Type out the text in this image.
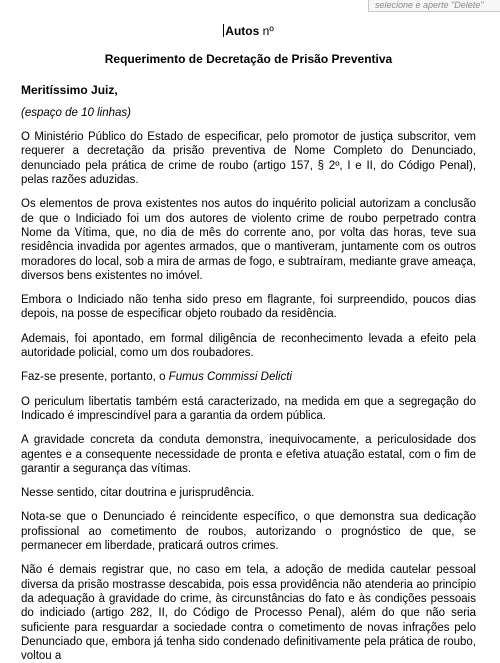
selecione e aperte "Delete"
Autos nº
Requerimento de Decretação de Prisão Preventiva
Meritíssimo Juiz,
(espaço de 10 linhas)

O Ministério Público do Estado de especificar, pelo promotor de justiça subscritor, vem requerer a decretação da prisão preventiva de Nome Completo do Denunciado, denunciado pela prática de crime de roubo (artigo 157, § 2º, I e II, do Código Penal), pelas razões aduzidas.

Os elementos de prova existentes nos autos do inquérito policial autorizam a conclusão de que o Indiciado foi um dos autores de violento crime de roubo perpetrado contra Nome da Vítima, que, no dia de mês do corrente ano, por volta das horas, teve sua residência invadida por agentes armados, que o mantiveram, juntamente com os outros moradores do local, sob a mira de armas de fogo, e subtraíram, mediante grave ameaça, diversos bens existentes no imóvel.

Embora o Indiciado não tenha sido preso em flagrante, foi surpreendido, poucos dias depois, na posse de especificar objeto roubado da residência.

Ademais, foi apontado, em formal diligência de reconhecimento levada a efeito pela autoridade policial, como um dos roubadores.

Faz-se presente, portanto, o Fumus Commissi Delicti

O periculum libertatis também está caracterizado, na medida em que a segregação do Indicado é imprescindível para a garantia da ordem pública.

A gravidade concreta da conduta demonstra, inequivocamente, a periculosidade dos agentes e a consequente necessidade de pronta e efetiva atuação estatal, com o fim de garantir a segurança das vítimas.

Nesse sentido, citar doutrina e jurisprudência.

Nota-se que o Denunciado é reincidente específico, o que demonstra sua dedicação profissional ao cometimento de roubos, autorizando o prognóstico de que, se permanecer em liberdade, praticará outros crimes.

Não é demais registrar que, no caso em tela, a adoção de medida cautelar pessoal diversa da prisão mostrasse descabida, pois essa providência não atenderia ao princípio da adequação à gravidade do crime, às circunstâncias do fato e às condições pessoais do indiciado (artigo 282, II, do Código de Processo Penal), além do que não seria suficiente para resguardar a sociedade contra o cometimento de novas infrações pelo Denunciado que, embora já tenha sido condenado definitivamente pela prática de roubo, voltou a
